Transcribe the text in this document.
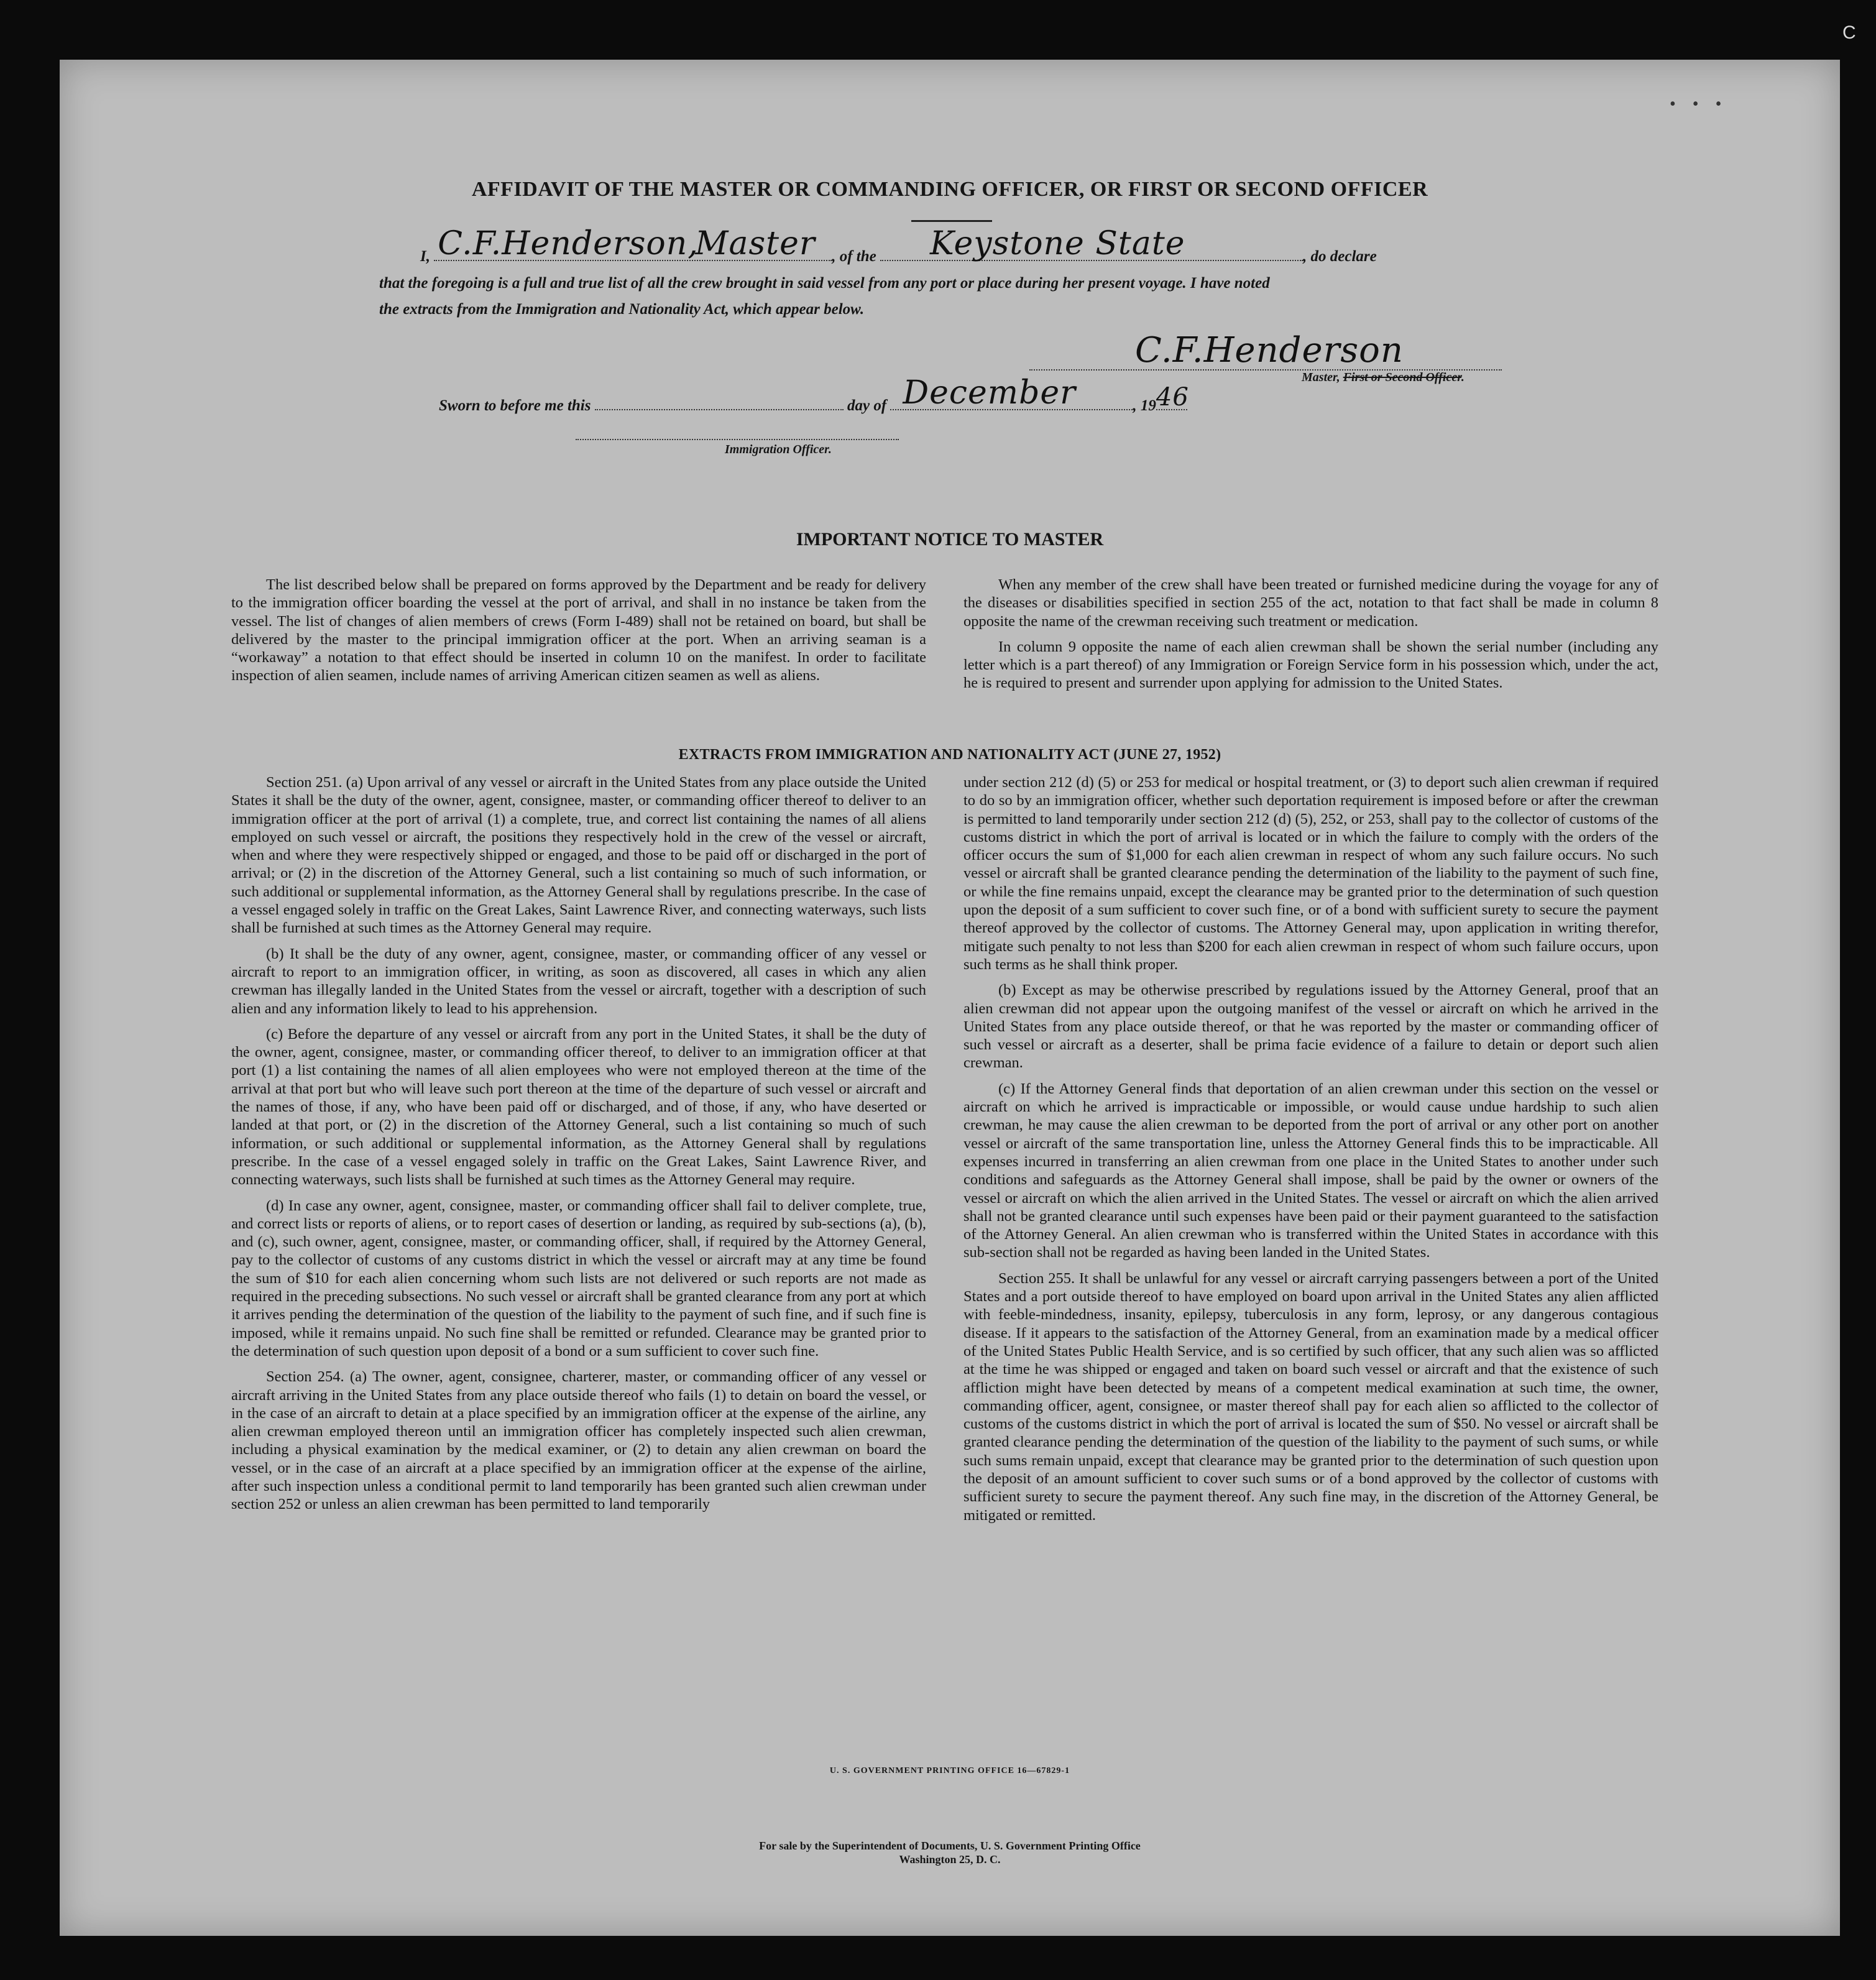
C
• • •
AFFIDAVIT OF THE MASTER OR COMMANDING OFFICER, OR FIRST OR SECOND OFFICER
I, C.F.Henderson,
Master , of the Keystone State	, do declare
that the foregoing is a full and true list of all the crew brought in said vessel from any port or place during her present voyage. I have noted
the extracts from the Immigration and Nationality Act, which appear below.
C.F.Henderson
Master, First or Second Officer.
Sworn to before me this	day of December	, 19 46
Immigration Officer.
IMPORTANT NOTICE TO MASTER

The list described below shall be prepared on forms approved by the Department and be ready for delivery to the immigration officer boarding the vessel at the port of arrival, and shall in no instance be taken from the vessel. The list of changes of alien members of crews (Form I-489) shall not be retained on board, but shall be delivered by the master to the principal immigration officer at the port. When an arriving seaman is a “workaway” a notation to that effect should be inserted in column 10 on the manifest. In order to facilitate inspection of alien seamen, include names of arriving American citizen seamen as well as aliens.

When any member of the crew shall have been treated or furnished medicine during the voyage for any of the diseases or disabilities specified in section 255 of the act, notation to that fact shall be made in column 8 opposite the name of the crewman receiving such treatment or medication.

In column 9 opposite the name of each alien crewman shall be shown the serial number (including any letter which is a part thereof) of any Immigration or Foreign Service form in his possession which, under the act, he is required to present and surrender upon applying for admission to the United States.

EXTRACTS FROM IMMIGRATION AND NATIONALITY ACT (JUNE 27, 1952)

Section 251. (a) Upon arrival of any vessel or aircraft in the United States from any place outside the United States it shall be the duty of the owner, agent, consignee, master, or commanding officer thereof to deliver to an immigration officer at the port of arrival (1) a complete, true, and correct list containing the names of all aliens employed on such vessel or aircraft, the positions they respectively hold in the crew of the vessel or aircraft, when and where they were respectively shipped or engaged, and those to be paid off or discharged in the port of arrival; or (2) in the discretion of the Attorney General, such a list containing so much of such information, or such additional or supplemental information, as the Attorney General shall by regulations prescribe. In the case of a vessel engaged solely in traffic on the Great Lakes, Saint Lawrence River, and connecting waterways, such lists shall be furnished at such times as the Attorney General may require.

(b) It shall be the duty of any owner, agent, consignee, master, or commanding officer of any vessel or aircraft to report to an immigration officer, in writing, as soon as discovered, all cases in which any alien crewman has illegally landed in the United States from the vessel or aircraft, together with a description of such alien and any information likely to lead to his apprehension.

(c) Before the departure of any vessel or aircraft from any port in the United States, it shall be the duty of the owner, agent, consignee, master, or commanding officer thereof, to deliver to an immigration officer at that port (1) a list containing the names of all alien employees who were not employed thereon at the time of the arrival at that port but who will leave such port thereon at the time of the departure of such vessel or aircraft and the names of those, if any, who have been paid off or discharged, and of those, if any, who have deserted or landed at that port, or (2) in the discretion of the Attorney General, such a list containing so much of such information, or such additional or supplemental information, as the Attorney General shall by regulations prescribe. In the case of a vessel engaged solely in traffic on the Great Lakes, Saint Lawrence River, and connecting waterways, such lists shall be furnished at such times as the Attorney General may require.

(d) In case any owner, agent, consignee, master, or commanding officer shall fail to deliver complete, true, and correct lists or reports of aliens, or to report cases of desertion or landing, as required by sub-sections (a), (b), and (c), such owner, agent, consignee, master, or commanding officer, shall, if required by the Attorney General, pay to the collector of customs of any customs district in which the vessel or aircraft may at any time be found the sum of $10 for each alien concerning whom such lists are not delivered or such reports are not made as required in the preceding subsections. No such vessel or aircraft shall be granted clearance from any port at which it arrives pending the determination of the question of the liability to the payment of such fine, and if such fine is imposed, while it remains unpaid. No such fine shall be remitted or refunded. Clearance may be granted prior to the determination of such question upon deposit of a bond or a sum sufficient to cover such fine.

Section 254. (a) The owner, agent, consignee, charterer, master, or commanding officer of any vessel or aircraft arriving in the United States from any place outside thereof who fails (1) to detain on board the vessel, or in the case of an aircraft to detain at a place specified by an immigration officer at the expense of the airline, any alien crewman employed thereon until an immigration officer has completely inspected such alien crewman, including a physical examination by the medical examiner, or (2) to detain any alien crewman on board the vessel, or in the case of an aircraft at a place specified by an immigration officer at the expense of the airline, after such inspection unless a conditional permit to land temporarily has been granted such alien crewman under section 252 or unless an alien crewman has been permitted to land temporarily

under section 212 (d) (5) or 253 for medical or hospital treatment, or (3) to deport such alien crewman if required to do so by an immigration officer, whether such deportation requirement is imposed before or after the crewman is permitted to land temporarily under section 212 (d) (5), 252, or 253, shall pay to the collector of customs of the customs district in which the port of arrival is located or in which the failure to comply with the orders of the officer occurs the sum of $1,000 for each alien crewman in respect of whom any such failure occurs. No such vessel or aircraft shall be granted clearance pending the determination of the liability to the payment of such fine, or while the fine remains unpaid, except the clearance may be granted prior to the determination of such question upon the deposit of a sum sufficient to cover such fine, or of a bond with sufficient surety to secure the payment thereof approved by the collector of customs. The Attorney General may, upon application in writing therefor, mitigate such penalty to not less than $200 for each alien crewman in respect of whom such failure occurs, upon such terms as he shall think proper.

(b) Except as may be otherwise prescribed by regulations issued by the Attorney General, proof that an alien crewman did not appear upon the outgoing manifest of the vessel or aircraft on which he arrived in the United States from any place outside thereof, or that he was reported by the master or commanding officer of such vessel or aircraft as a deserter, shall be prima facie evidence of a failure to detain or deport such alien crewman.

(c) If the Attorney General finds that deportation of an alien crewman under this section on the vessel or aircraft on which he arrived is impracticable or impossible, or would cause undue hardship to such alien crewman, he may cause the alien crewman to be deported from the port of arrival or any other port on another vessel or aircraft of the same transportation line, unless the Attorney General finds this to be impracticable. All expenses incurred in transferring an alien crewman from one place in the United States to another under such conditions and safeguards as the Attorney General shall impose, shall be paid by the owner or owners of the vessel or aircraft on which the alien arrived in the United States. The vessel or aircraft on which the alien arrived shall not be granted clearance until such expenses have been paid or their payment guaranteed to the satisfaction of the Attorney General. An alien crewman who is transferred within the United States in accordance with this sub-section shall not be regarded as having been landed in the United States.

Section 255. It shall be unlawful for any vessel or aircraft carrying passengers between a port of the United States and a port outside thereof to have employed on board upon arrival in the United States any alien afflicted with feeble-mindedness, insanity, epilepsy, tuberculosis in any form, leprosy, or any dangerous contagious disease. If it appears to the satisfaction of the Attorney General, from an examination made by a medical officer of the United States Public Health Service, and is so certified by such officer, that any such alien was so afflicted at the time he was shipped or engaged and taken on board such vessel or aircraft and that the existence of such affliction might have been detected by means of a competent medical examination at such time, the owner, commanding officer, agent, consignee, or master thereof shall pay for each alien so afflicted to the collector of customs of the customs district in which the port of arrival is located the sum of $50. No vessel or aircraft shall be granted clearance pending the determination of the question of the liability to the payment of such sums, or while such sums remain unpaid, except that clearance may be granted prior to the determination of such question upon the deposit of an amount sufficient to cover such sums or of a bond approved by the collector of customs with sufficient surety to secure the payment thereof. Any such fine may, in the discretion of the Attorney General, be mitigated or remitted.

U. S. GOVERNMENT PRINTING OFFICE 16—67829-1
For sale by the Superintendent of Documents, U. S. Government Printing Office
Washington 25, D. C.
